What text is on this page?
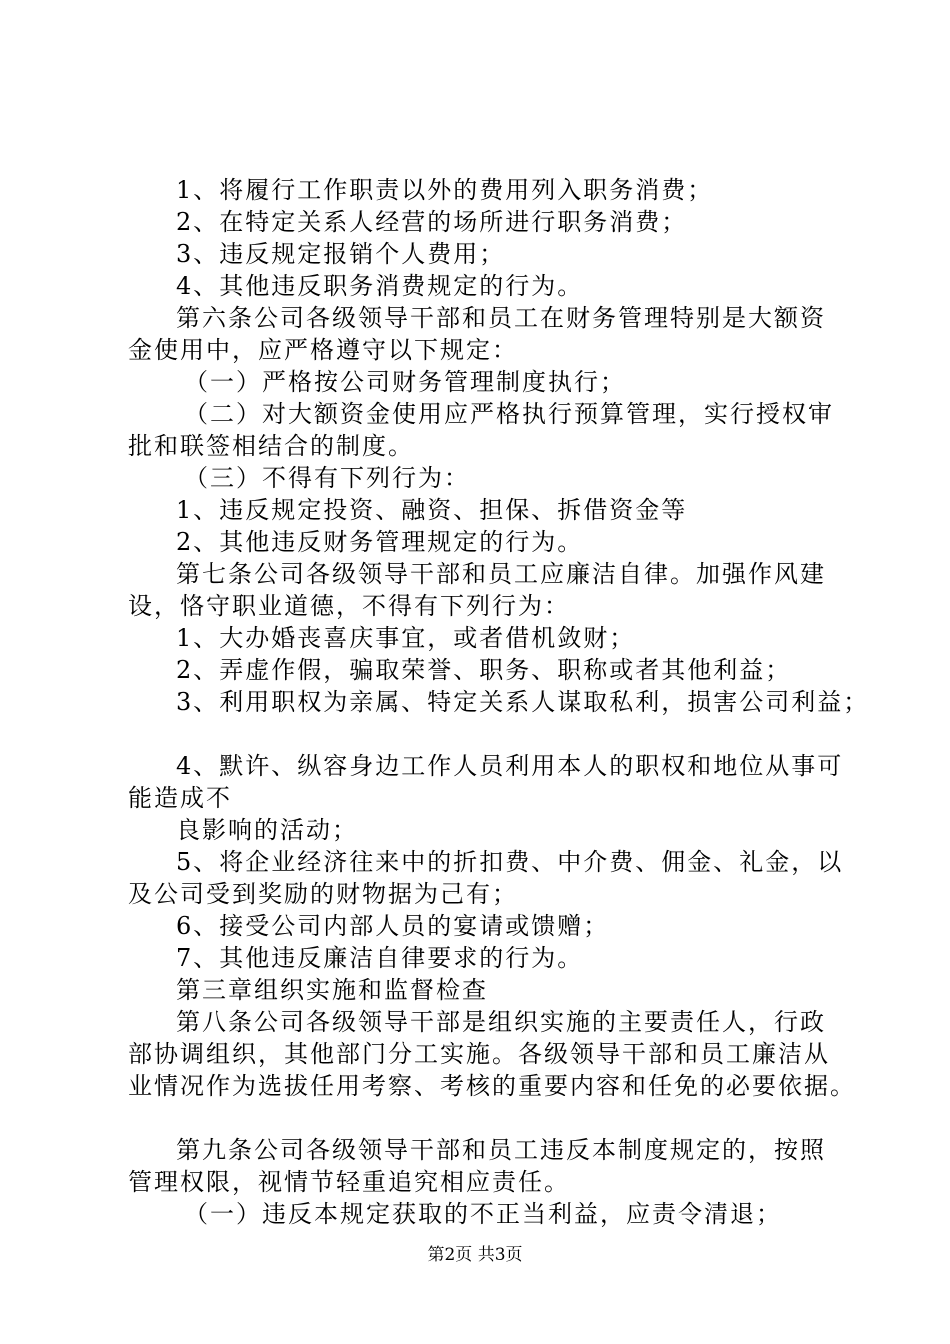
1、将履行工作职责以外的费用列入职务消费；
2、在特定关系人经营的场所进行职务消费；
3、违反规定报销个人费用；
4、其他违反职务消费规定的行为。
第六条公司各级领导干部和员工在财务管理特别是大额资
金使用中，应严格遵守以下规定：
（一）严格按公司财务管理制度执行；
（二）对大额资金使用应严格执行预算管理，实行授权审
批和联签相结合的制度。
（三）不得有下列行为：
1、违反规定投资、融资、担保、拆借资金等
2、其他违反财务管理规定的行为。
第七条公司各级领导干部和员工应廉洁自律。加强作风建
设，恪守职业道德，不得有下列行为：
1、大办婚丧喜庆事宜，或者借机敛财；
2、弄虚作假，骗取荣誉、职务、职称或者其他利益；
3、利用职权为亲属、特定关系人谋取私利，损害公司利益；
4、默许、纵容身边工作人员利用本人的职权和地位从事可
能造成不
良影响的活动；
5、将企业经济往来中的折扣费、中介费、佣金、礼金，以
及公司受到奖励的财物据为己有；
6、接受公司内部人员的宴请或馈赠；
7、其他违反廉洁自律要求的行为。
第三章组织实施和监督检查
第八条公司各级领导干部是组织实施的主要责任人，行政
部协调组织，其他部门分工实施。各级领导干部和员工廉洁从
业情况作为选拔任用考察、考核的重要内容和任免的必要依据。
第九条公司各级领导干部和员工违反本制度规定的，按照
管理权限，视情节轻重追究相应责任。
（一）违反本规定获取的不正当利益，应责令清退；
第2页 共3页
